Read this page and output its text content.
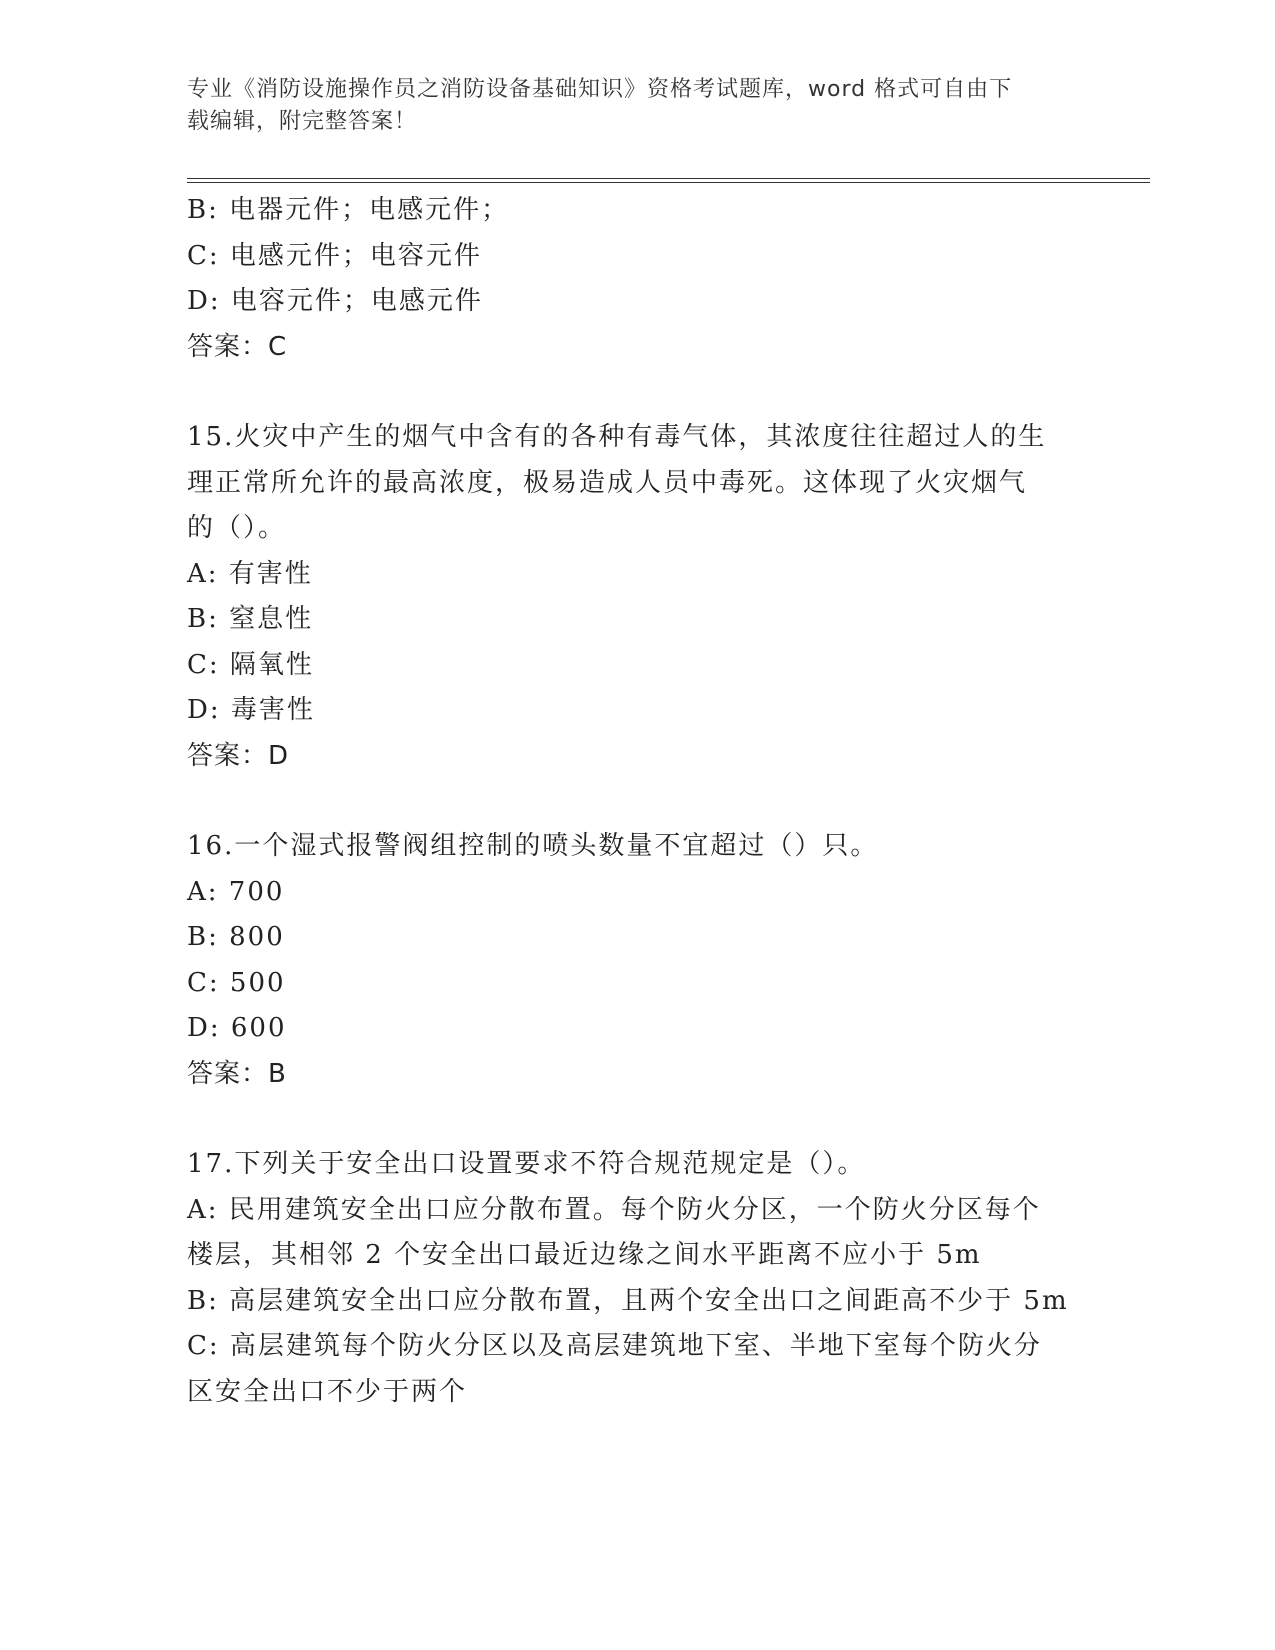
专业《消防设施操作员之消防设备基础知识》资格考试题库，word 格式可自由下
载编辑，附完整答案！

B: 电器元件；电感元件；

C: 电感元件；电容元件

D: 电容元件；电感元件

答案：C

15.火灾中产生的烟气中含有的各种有毒气体，其浓度往往超过人的生

理正常所允许的最高浓度，极易造成人员中毒死。这体现了火灾烟气

的（）。

A: 有害性

B: 窒息性

C: 隔氧性

D: 毒害性

答案：D

16.一个湿式报警阀组控制的喷头数量不宜超过（）只。

A: 700

B: 800

C: 500

D: 600

答案：B

17.下列关于安全出口设置要求不符合规范规定是（）。

A: 民用建筑安全出口应分散布置。每个防火分区，一个防火分区每个

楼层，其相邻 2 个安全出口最近边缘之间水平距离不应小于 5m

B: 高层建筑安全出口应分散布置，且两个安全出口之间距高不少于 5m

C: 高层建筑每个防火分区以及高层建筑地下室、半地下室每个防火分

区安全出口不少于两个
